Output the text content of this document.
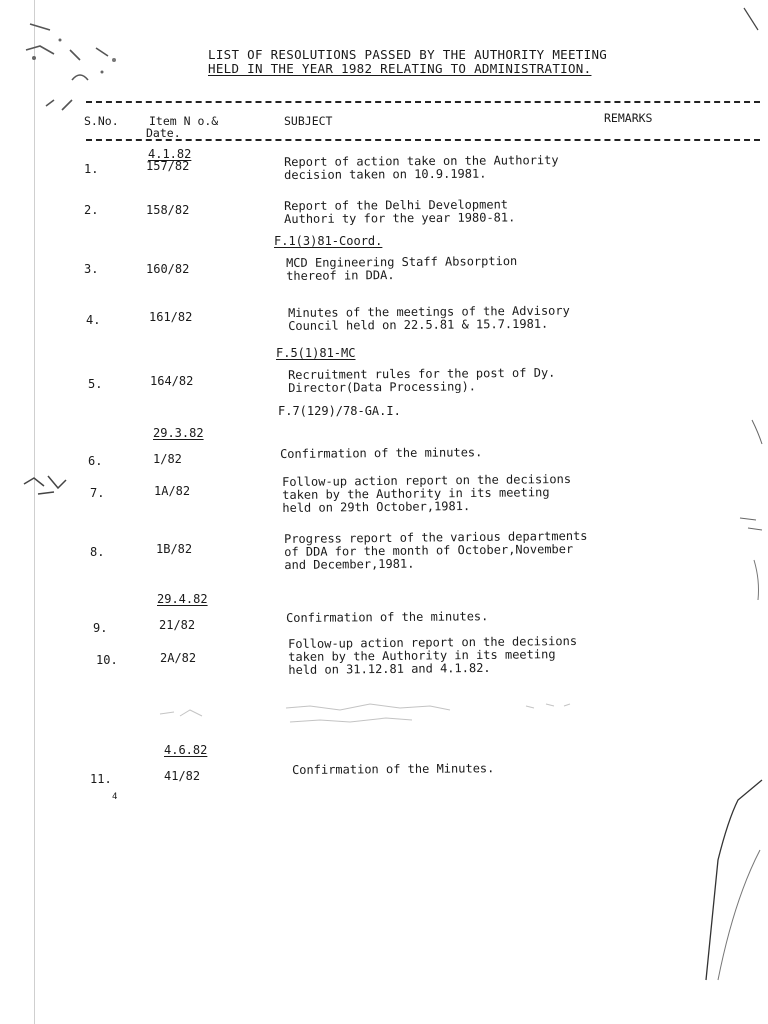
LIST OF RESOLUTIONS PASSED BY THE AUTHORITY MEETING
HELD IN THE YEAR 1982 RELATING TO ADMINISTRATION.
S.No.	Item N o.&
Date.
SUBJECT	REMARKS
4.1.82
1.	157/82	Report of action take on the Authority
decision taken on 10.9.1981.
2.	158/82	Report of the Delhi Development
Authori ty for the year 1980-81.
F.1(3)81-Coord.
3.	160/82	MCD Engineering Staff Absorption
thereof in DDA.
4.	161/82	Minutes of the meetings of the Advisory
Council held on 22.5.81 & 15.7.1981.
F.5(1)81-MC
5.	164/82	Recruitment rules for the post of Dy.
Director(Data Processing).
F.7(129)/78-GA.I.
29.3.82
6.	1/82	Confirmation of the minutes.
7.	1A/82
Follow-up action report on the decisions
taken by the Authority in its meeting
held on 29th October,1981.
8.	1B/82
Progress report of the various departments
of DDA for the month of October,November
and December,1981.
29.4.82
9.	21/82
Confirmation of the minutes.
10.	2A/82
Follow-up action report on the decisions
taken by the Authority in its meeting
held on 31.12.81 and 4.1.82.
4.6.82
11.	41/82	Confirmation of the Minutes.
4
